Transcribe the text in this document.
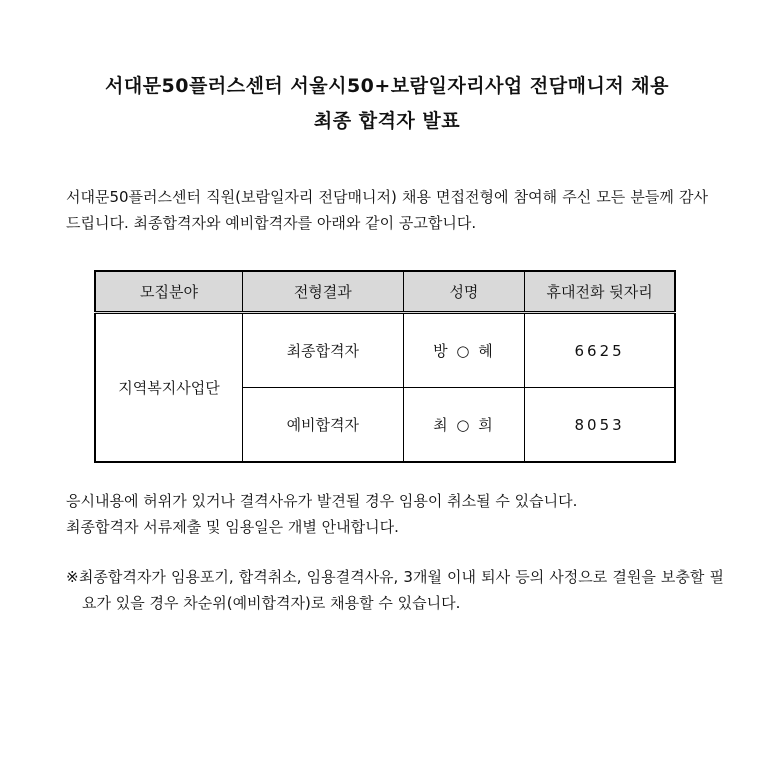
서대문50플러스센터 서울시50+보람일자리사업 전담매니저 채용
최종 합격자 발표
서대문50플러스센터 직원(보람일자리 전담매니저) 채용 면접전형에 참여해 주신 모든 분들께 감사드립니다. 최종합격자와 예비합격자를 아래와 같이 공고합니다.
모집분야	전형결과	성명	휴대전화 뒷자리
지역복지사업단	최종합격자	방 ○ 혜	6625
	예비합격자	최 ○ 희	8053
응시내용에 허위가 있거나 결격사유가 발견될 경우 임용이 취소될 수 있습니다.
최종합격자 서류제출 및 임용일은 개별 안내합니다.
※최종합격자가 임용포기, 합격취소, 임용결격사유, 3개월 이내 퇴사 등의 사정으로 결원을 보충할 필요가 있을 경우 차순위(예비합격자)로 채용할 수 있습니다.
